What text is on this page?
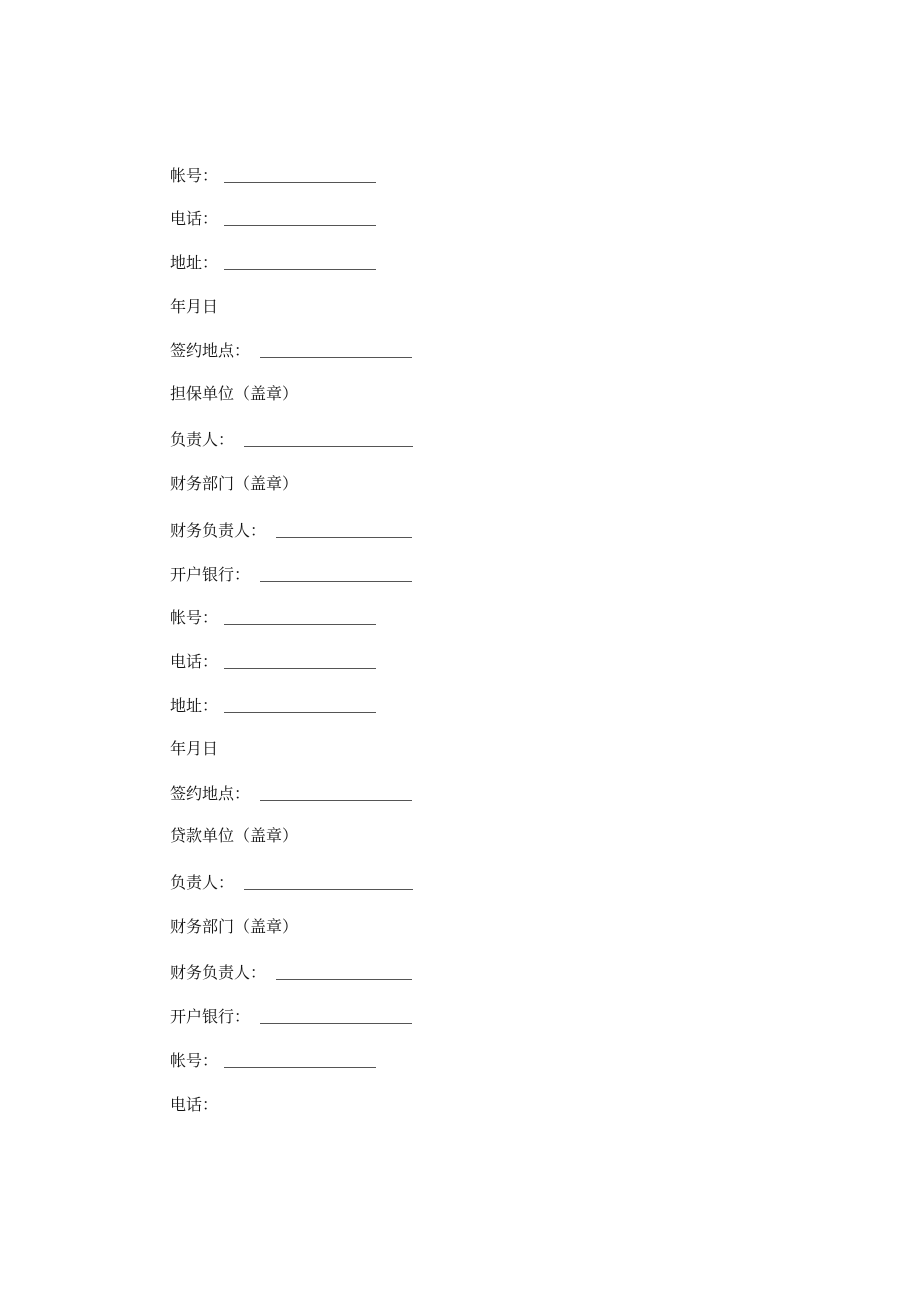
帐号：
电话：
地址：
年月日
签约地点：
担保单位（盖章）
负责人：
财务部门（盖章）
财务负责人：
开户银行：
帐号：
电话：
地址：
年月日
签约地点：
贷款单位（盖章）
负责人：
财务部门（盖章）
财务负责人：
开户银行：
帐号：
电话：
